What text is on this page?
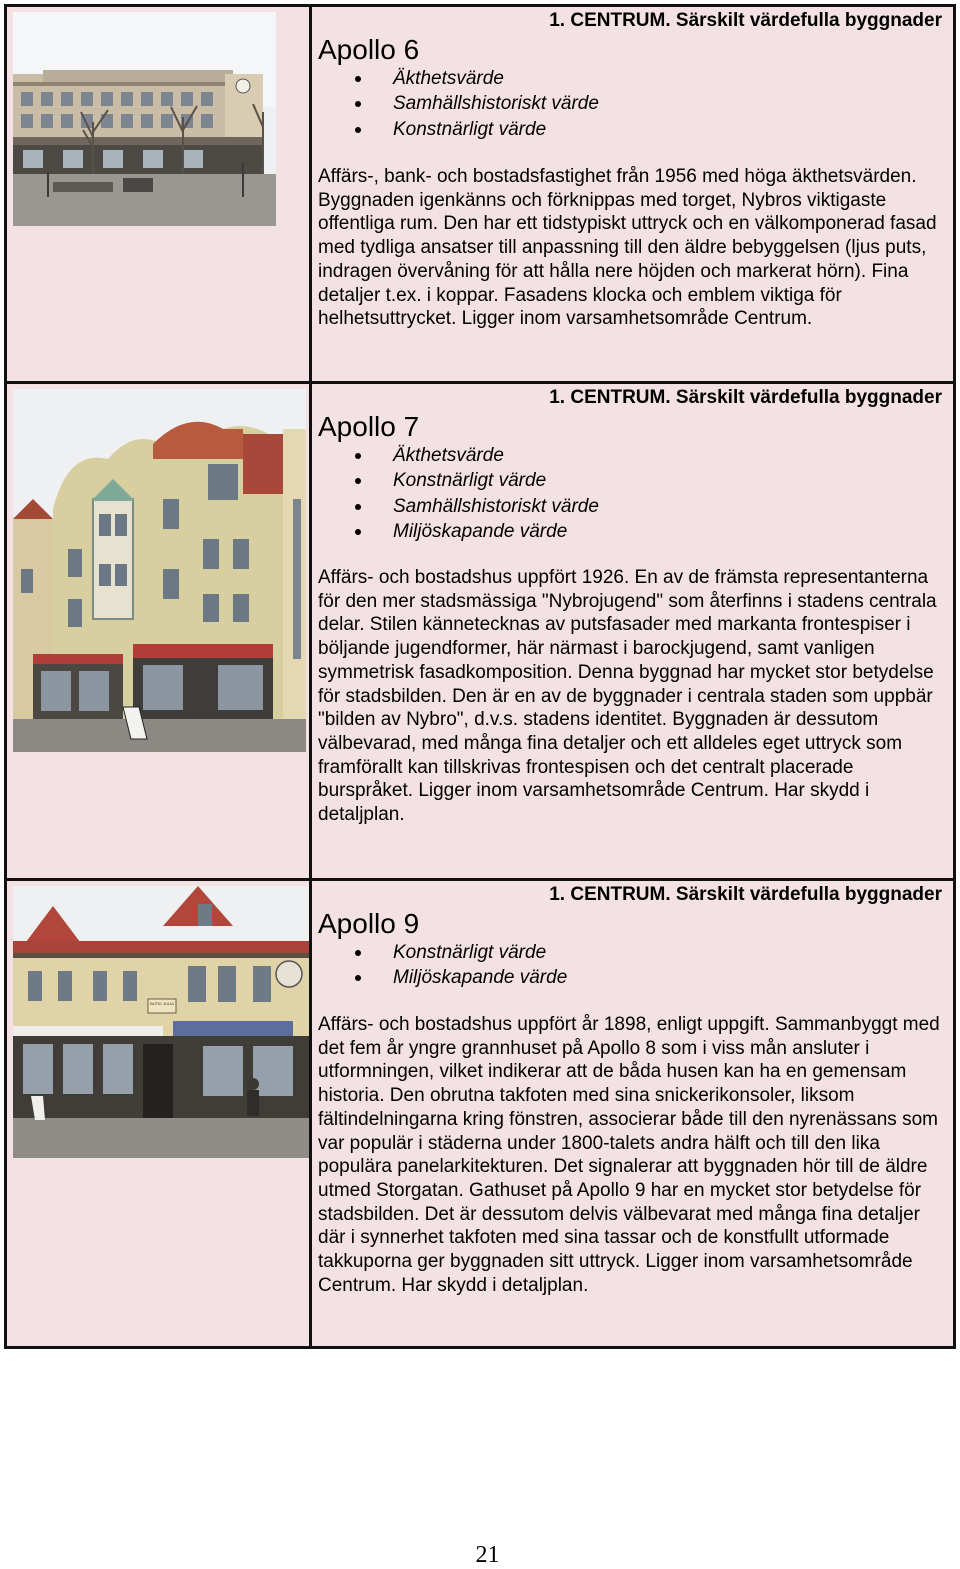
1. CENTRUM. Särskilt värdefulla byggnader
Apollo 6
Äkthetsvärde
Samhällshistoriskt värde
Konstnärligt värde

Affärs-, bank- och bostadsfastighet från 1956 med höga äkthetsvärden. Byggnaden igenkänns och förknippas med torget, Nybros viktigaste offentliga rum. Den har ett tidstypiskt uttryck och en välkomponerad fasad med tydliga ansatser till anpassning till den äldre bebyggelsen (ljus puts, indragen övervåning för att hålla nere höjden och markerat hörn). Fina detaljer t.ex. i koppar. Fasadens klocka och emblem viktiga för helhetsuttrycket. Ligger inom varsamhetsområde Centrum.

1. CENTRUM. Särskilt värdefulla byggnader
Apollo 7
Äkthetsvärde
Konstnärligt värde
Samhällshistoriskt värde
Miljöskapande värde

Affärs- och bostadshus uppfört 1926. En av de främsta representanterna för den mer stadsmässiga "Nybrojugend" som återfinns i stadens centrala delar. Stilen kännetecknas av putsfasader med markanta frontespiser i böljande jugendformer, här närmast i barockjugend, samt vanligen symmetrisk fasadkomposition. Denna byggnad har mycket stor betydelse för stadsbilden. Den är en av de byggnader i centrala staden som uppbär "bilden av Nybro", d.v.s. stadens identitet. Byggnaden är dessutom välbevarad, med många fina detaljer och ett alldeles eget uttryck som framförallt kan tillskrivas frontespisen och det centralt placerade burspråket. Ligger inom varsamhetsområde Centrum. Har skydd i detaljplan.

BUTIK JULIA
1. CENTRUM. Särskilt värdefulla byggnader
Apollo 9
Konstnärligt värde
Miljöskapande värde

Affärs- och bostadshus uppfört år 1898, enligt uppgift. Sammanbyggt med det fem år yngre grannhuset på Apollo 8 som i viss mån ansluter i utformningen, vilket indikerar att de båda husen kan ha en gemensam historia. Den obrutna takfoten med sina snickerikonsoler, liksom fältindelningarna kring fönstren, associerar både till den nyrenässans som var populär i städerna under 1800-talets andra hälft och till den lika populära panelarkitekturen. Det signalerar att byggnaden hör till de äldre utmed Storgatan. Gathuset på Apollo 9 har en mycket stor betydelse för stadsbilden. Det är dessutom delvis välbevarat med många fina detaljer där i synnerhet takfoten med sina tassar och de konstfullt utformade takkuporna ger byggnaden sitt uttryck. Ligger inom varsamhetsområde Centrum. Har skydd i detaljplan.

21
